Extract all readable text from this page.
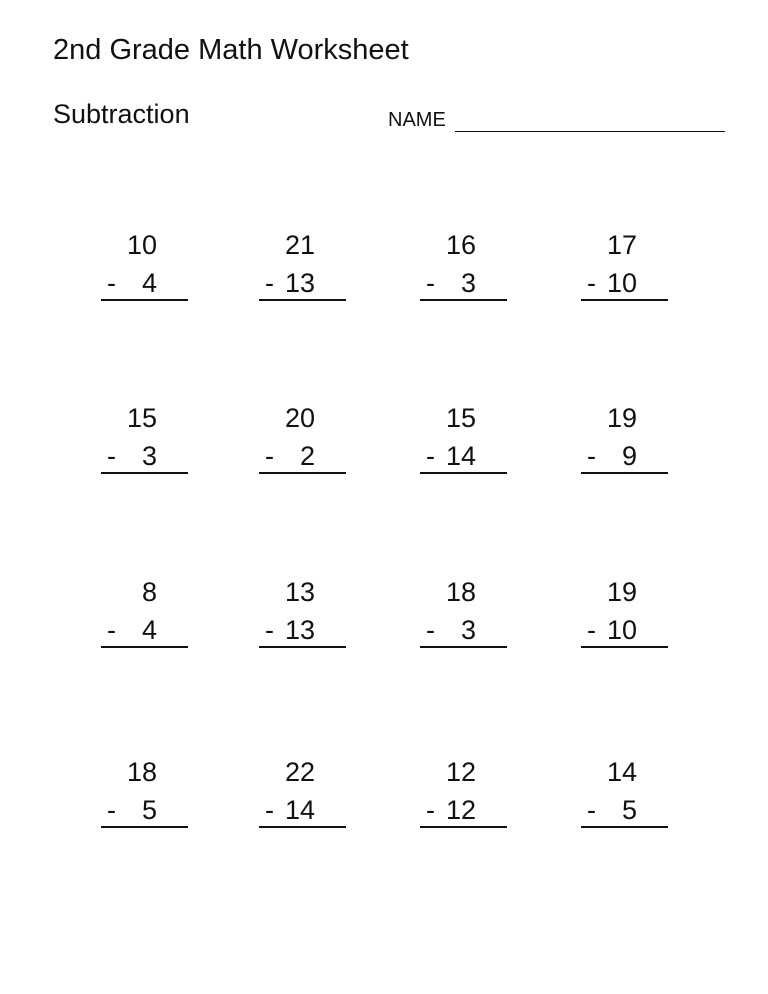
2nd Grade Math Worksheet
Subtraction	NAME
10
- 4
21
- 13
16
- 3
17
- 10
15
- 3
20
- 2
15
- 14
19
- 9
8
- 4
13
- 13
18
- 3
19
- 10
18
- 5
22
- 14
12
- 12
14
- 5
